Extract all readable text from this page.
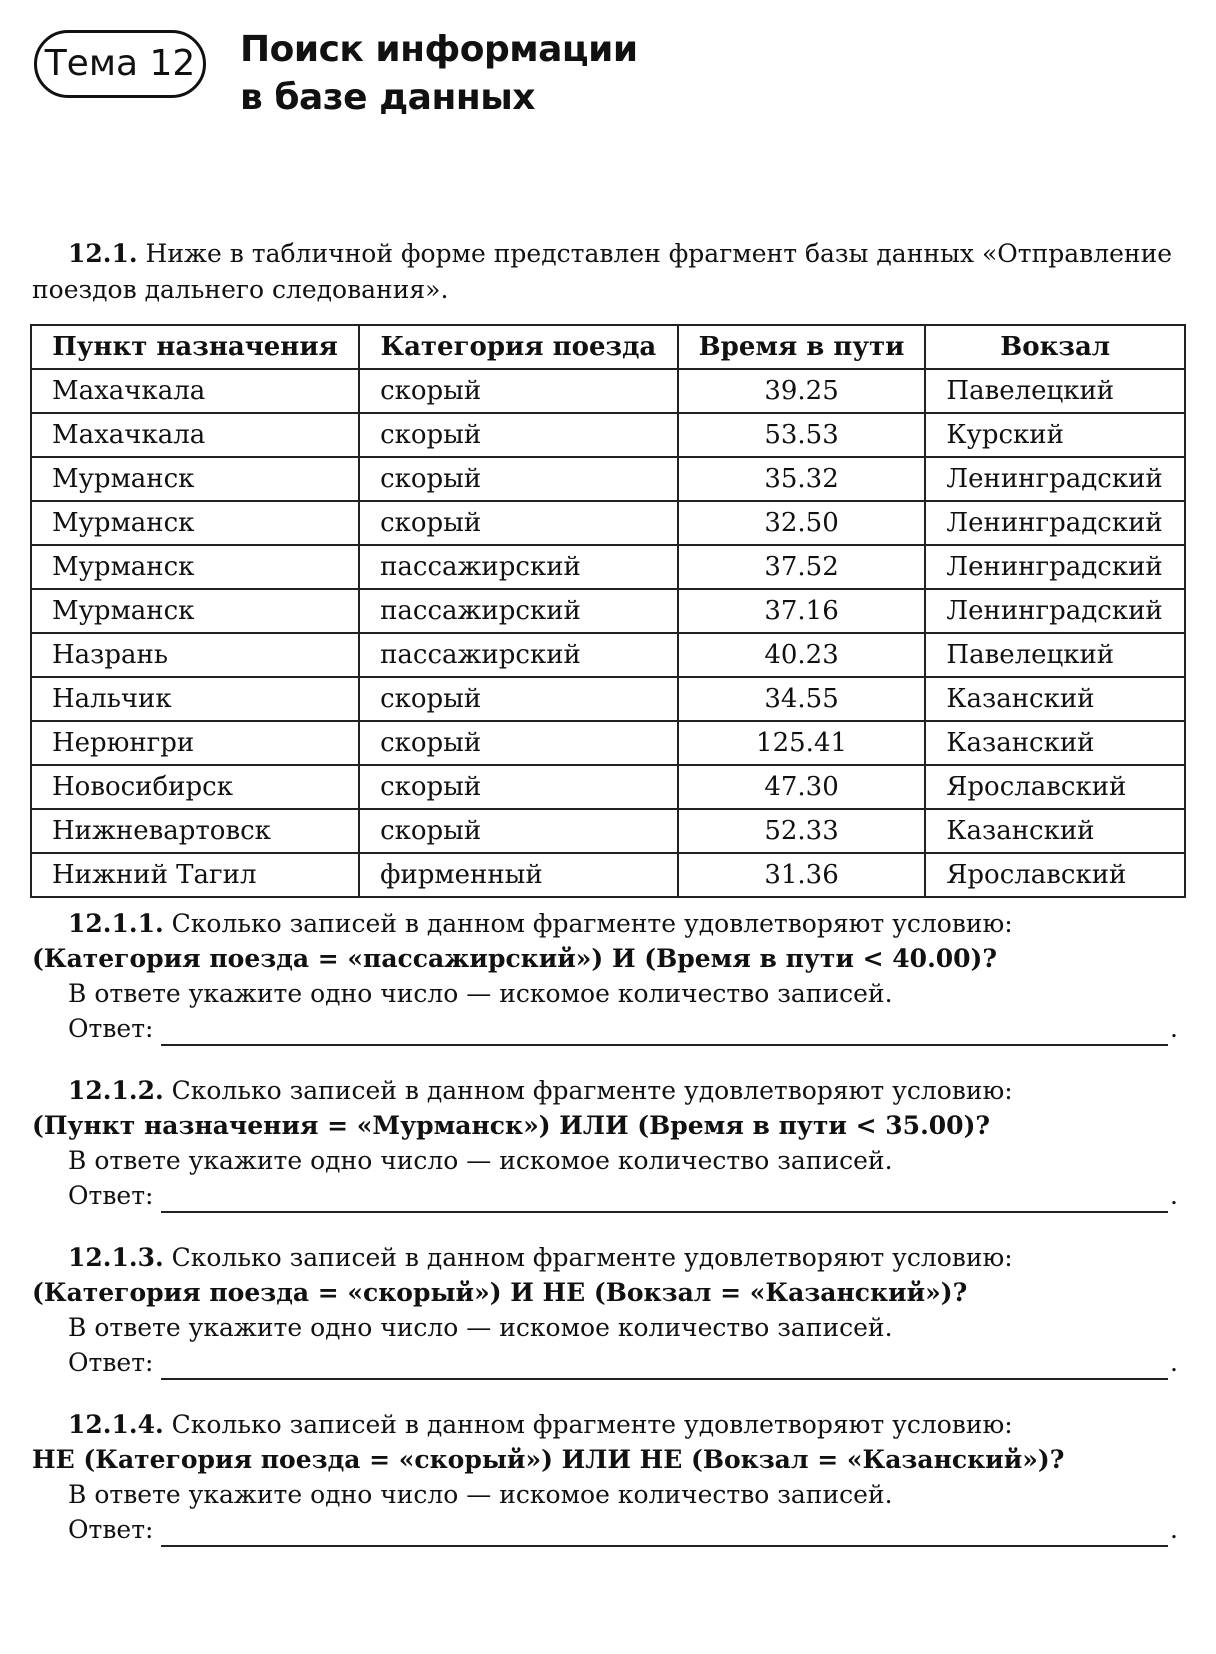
Тема 12 Поиск информации
в базе данных
12.1. Ниже в табличной форме представлен фрагмент базы данных «Отправление поездов дальнего следования».
Пункт назначения	Категория поезда	Время в пути	Вокзал
Махачкала	скорый	39.25	Павелецкий
Махачкала	скорый	53.53	Курский
Мурманск	скорый	35.32	Ленинградский
Мурманск	скорый	32.50	Ленинградский
Мурманск	пассажирский	37.52	Ленинградский
Мурманск	пассажирский	37.16	Ленинградский
Назрань	пассажирский	40.23	Павелецкий
Нальчик	скорый	34.55	Казанский
Нерюнгри	скорый	125.41	Казанский
Новосибирск	скорый	47.30	Ярославский
Нижневартовск	скорый	52.33	Казанский
Нижний Тагил	фирменный	31.36	Ярославский

12.1.1. Сколько записей в данном фрагменте удовлетворяют условию:

(Категория поезда = «пассажирский») И (Время в пути < 40.00)?

В ответе укажите одно число — искомое количество записей.

Ответ:	.

12.1.2. Сколько записей в данном фрагменте удовлетворяют условию:

(Пункт назначения = «Мурманск») ИЛИ (Время в пути < 35.00)?

В ответе укажите одно число — искомое количество записей.

Ответ:	.

12.1.3. Сколько записей в данном фрагменте удовлетворяют условию:

(Категория поезда = «скорый») И НЕ (Вокзал = «Казанский»)?

В ответе укажите одно число — искомое количество записей.

Ответ:	.

12.1.4. Сколько записей в данном фрагменте удовлетворяют условию:

НЕ (Категория поезда = «скорый») ИЛИ НЕ (Вокзал = «Казанский»)?

В ответе укажите одно число — искомое количество записей.

Ответ:	.
